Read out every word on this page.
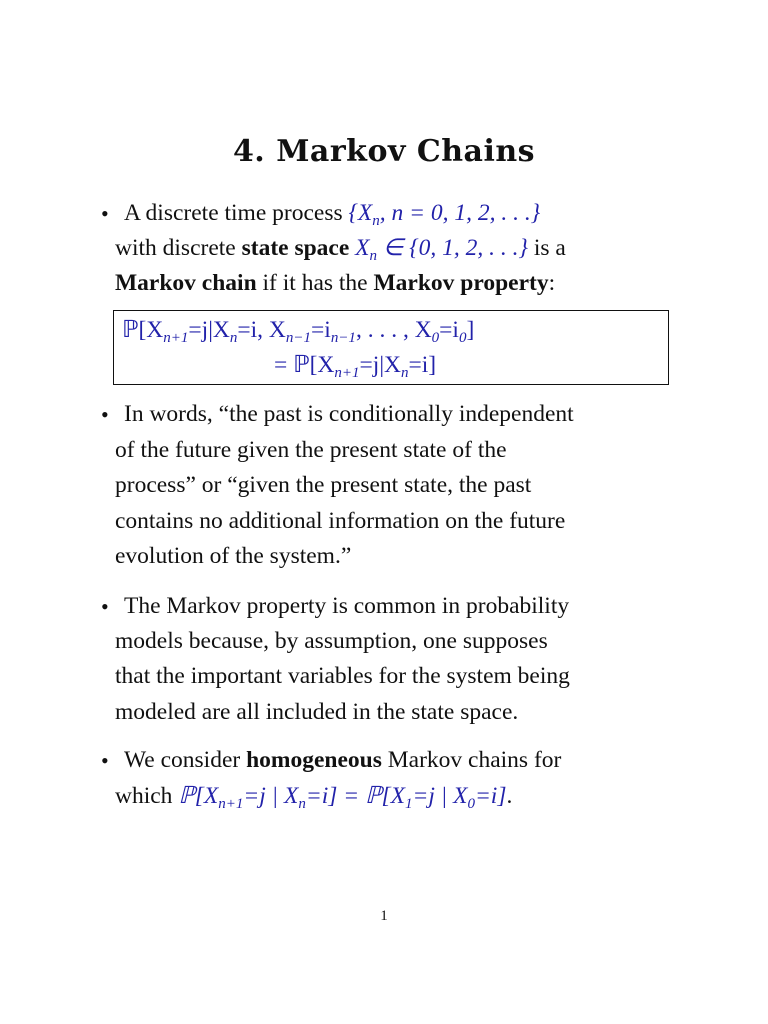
4. Markov Chains
• A discrete time process {$X_n$, n = 0, 1, 2, . . .}
with discrete state space $X_n$ ∈ {0, 1, 2, . . .} is a
Markov chain if it has the Markov property:
$ℙ[X_{n+1}=j|X_n=i$, $X_{n-1}=i_{n-1}$, . . . , $X_0=i_0$]
= $ℙ[X_{n+1}=j|X_n=i]$
• In words, “the past is conditionally independent
of the future given the present state of the
process” or “given the present state, the past
contains no additional information on the future
evolution of the system.”
• The Markov property is common in probability
models because, by assumption, one supposes
that the important variables for the system being
modeled are all included in the state space.
• We consider homogeneous Markov chains for
which $ℙ[X_{n+1}=j$ | $X_n=i$] = $ℙ[X_1=j$ | $X_0=i$].
1
